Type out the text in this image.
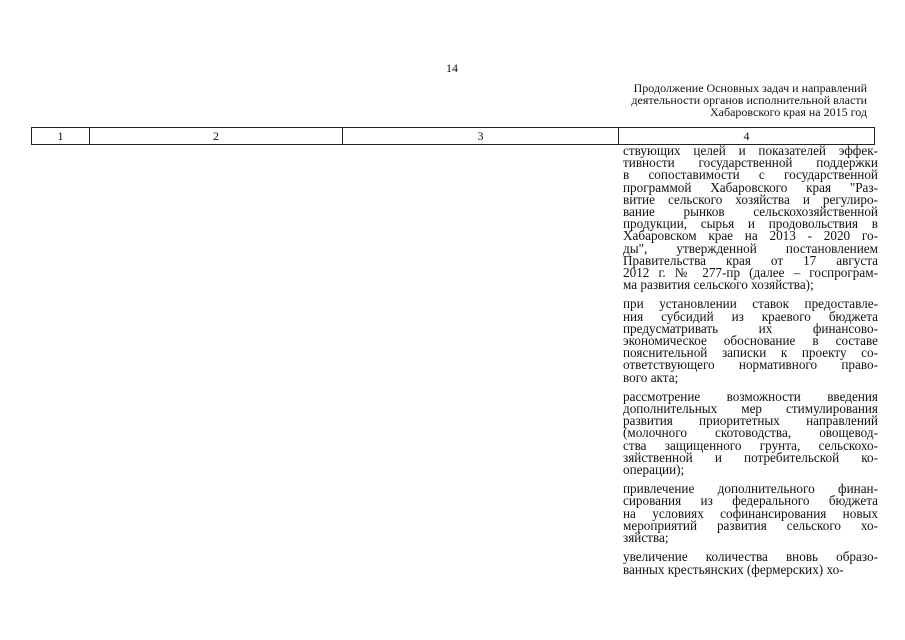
14
Продолжение Основных задач и направлений
деятельности органов исполнительной власти
Хабаровского края на 2015 год
1	2	3	4
ствующих целей и показателей эффек-
тивности государственной поддержки
в сопоставимости с государственной
программой Хабаровского края "Раз-
витие сельского хозяйства и регулиро-
вание рынков сельскохозяйственной
продукции, сырья и продовольствия в
Хабаровском крае на 2013 - 2020 го-
ды", утвержденной постановлением
Правительства края от 17 августа
2012 г. № 277-пр (далее – госпрограм-
ма развития сельского хозяйства);
при установлении ставок предоставле-
ния субсидий из краевого бюджета
предусматривать их финансово-
экономическое обоснование в составе
пояснительной записки к проекту со-
ответствующего нормативного право-
вого акта;
рассмотрение возможности введения
дополнительных мер стимулирования
развития приоритетных направлений
(молочного скотоводства, овощевод-
ства защищенного грунта, сельскохо-
зяйственной и потребительской ко-
операции);
привлечение дополнительного финан-
сирования из федерального бюджета
на условиях софинансирования новых
мероприятий развития сельского хо-
зяйства;
увеличение количества вновь образо-
ванных крестьянских (фермерских) хо-
